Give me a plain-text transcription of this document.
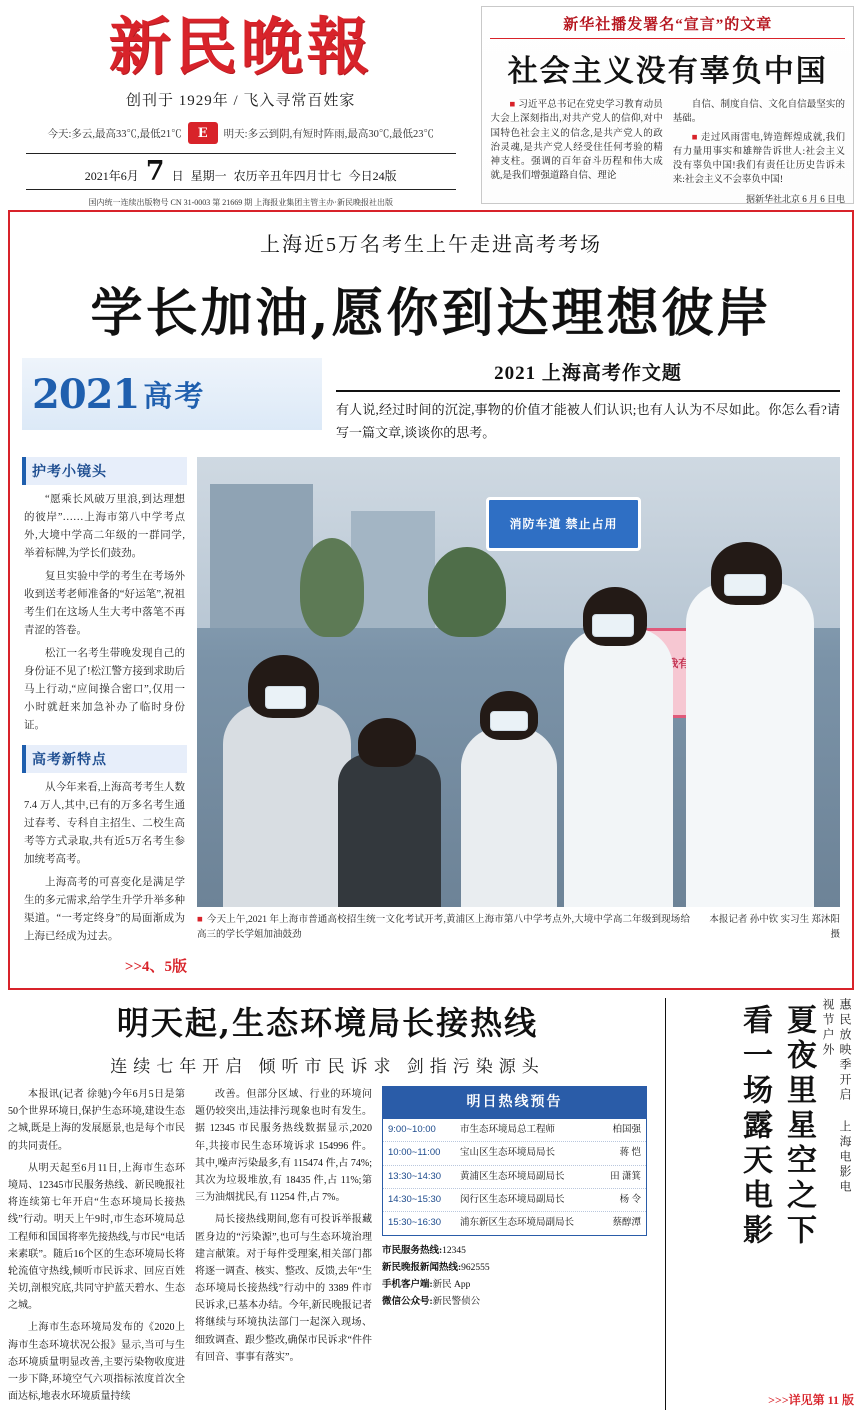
新民晚報
创刊于 1929年 / 飞入寻常百姓家
今天:多云,最高33℃,最低21℃	E	明天:多云到阴,有短时阵雨,最高30℃,最低23℃
2021年6月 7 日 星期一 农历辛丑年四月廿七 今日24版
国内统一连续出版物号 CN 31-0003 第 21669 期 上海报业集团主管主办·新民晚报社出版
新华社播发署名“宣言”的文章
社会主义没有辜负中国

■ 习近平总书记在党史学习教育动员大会上深刻指出,对共产党人的信仰,对中国特色社会主义的信念,是共产党人的政治灵魂,是共产党人经受住任何考验的精神支柱。强调的百年奋斗历程和伟大成就,是我们增强道路自信、理论

自信、制度自信、文化自信最坚实的基础。

■ 走过风雨雷电,铸造辉煌成就,我们有力量用事实和雄辩告诉世人:社会主义没有辜负中国!我们有责任让历史告诉未来:社会主义不会辜负中国!

据新华社北京 6 月 6 日电
上海近5万名考生上午走进高考考场
学长加油,愿你到达理想彼岸
2021 高考
2021 上海高考作文题
有人说,经过时间的沉淀,事物的价值才能被人们认识;也有人认为不尽如此。你怎么看?请写一篇文章,谈谈你的思考。
护考小镜头

“愿乘长风破万里浪,到达理想的彼岸”……上海市第八中学考点外,大境中学高二年级的一群同学,举着标牌,为学长们鼓劲。

复旦实验中学的考生在考场外收到送考老师准备的“好运笔”,祝祖考生们在这场人生大考中落笔不再青涩的答卷。

松江一名考生带晚发现自己的身份证不见了!松江警方接到求助后马上行动,“应间操合密口”,仅用一小时就赶来加急补办了临时身份证。

高考新特点

从今年来看,上海高考考生人数 7.4 万人,其中,已有的万多名考生通过春考、专科自主招生、二校生高考等方式录取,共有近5万名考生参加统考高考。

上海高考的可喜变化是满足学生的多元需求,给学生升学升举多种渠道。“一考定终身”的局面渐成为上海已经成为过去。

>>4、5版
消防车道 禁止占用
有你有我有我们
■ 今天上午,2021 年上海市普通高校招生统一文化考试开考,黄浦区上海市第八中学考点外,大境中学高二年级到现场给高三的学长学姐加油鼓劲
本报记者 孙中钦 实习生 郑沐阳 摄
明天起,生态环境局长接热线
连续七年开启 倾听市民诉求 剑指污染源头

本报讯(记者 徐驰)今年6月5日是第50个世界环境日,保护生态环境,建设生态之城,既是上海的发展愿景,也是每个市民的共同责任。

从明天起至6月11日,上海市生态环境局、12345市民服务热线、新民晚报社将连续第七年开启“生态环境局长接热线”行动。明天上午9时,市生态环境局总工程师和国国将率先接热线,与市民“电话来素联”。随后16个区的生态环境局长将轮流值守热线,倾听市民诉求、回应百姓关切,剖根究底,共同守护蓝天碧水、生态之城。

上海市生态环境局发布的《2020上海市生态环境状况公报》显示,当可与生态环境质量明显改善,主要污染物收度进一步下降,环境空气六项指标浓度首次全面达标,地表水环境质量持续

改善。但部分区域、行业的环境问题仍较突出,违法排污现象也时有发生。据 12345 市民服务热线数据显示,2020 年,共接市民生态环境诉求 154996 件。其中,噪声污染最多,有 115474 件,占 74%;其次为垃圾堆放,有 18435 件,占 11%;第三为油烟扰民,有 11254 件,占 7%。

局长接热线期间,您有可投诉举报藏匿身边的“污染源”,也可与生态环境治理建言献策。对于每件受理案,相关部门都将逐一调查、核实、整改、反馈,去年“生态环境局长接热线”行动中的 3389 件市民诉求,已基本办结。今年,新民晚报记者将继续与环境执法部门一起深入现场、细致调查、跟少整改,确保市民诉求“件件有回音、事事有落实”。

明日热线预告
9:00~10:00	市生态环境局总工程师	柏国强
10:00~11:00	宝山区生态环境局局长	蒋 恺
13:30~14:30	黄浦区生态环境局副局长	田 潇箕
14:30~15:30	闵行区生态环境局副局长	杨 令
15:30~16:30	浦东新区生态环境局副局长	蔡醇潭
市民服务热线:12345
新民晚报新闻热线:962555
手机客户端:新民 App
微信公众号:新民警侦公
夏夜里星空之下 看一场露天电影	惠民放映季开启 上海电影电视节户外
>>>详见第 11 版
